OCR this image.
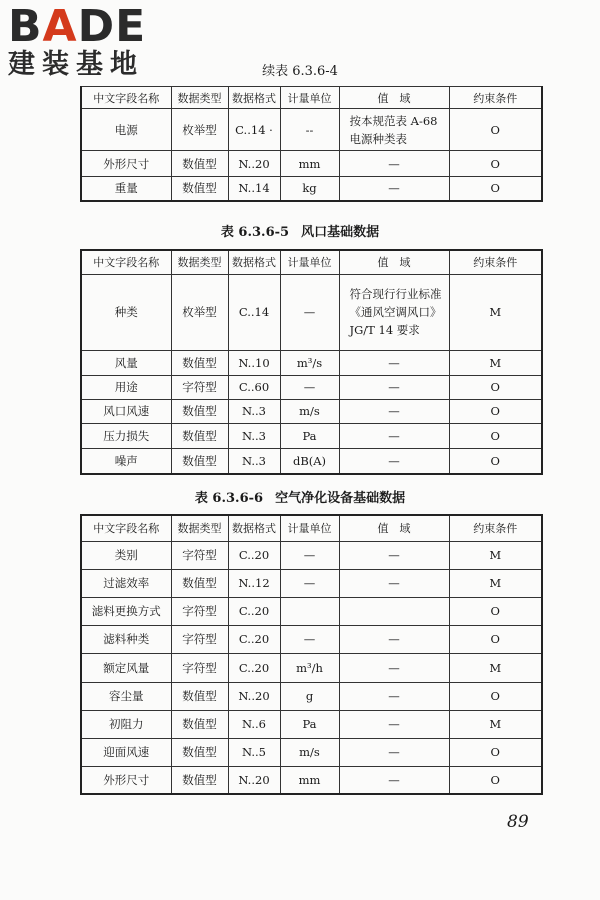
B A DE
建装基地	续表 6.3.6-4
中文字段名称	数据类型	数据格式	计量单位	值　域	约束条件
电源	枚举型	C..14 ·	--	按本规范表 A-68 电源种类表	O
外形尺寸	数值型	N..20	mm	—	O
重量	数值型	N..14	kg	—	O
表 6.3.6-5 风口基础数据
中文字段名称	数据类型	数据格式	计量单位	值　域	约束条件
种类	枚举型	C..14	—	符合现行行业标准《通风空调风口》JG/T 14 要求	M
风量	数值型	N..10	m³/s	—	M
用途	字符型	C..60	—	—	O
风口风速	数值型	N..3	m/s	—	O
压力损失	数值型	N..3	Pa	—	O
噪声	数值型	N..3	dB(A)	—	O
表 6.3.6-6 空气净化设备基础数据
中文字段名称	数据类型	数据格式	计量单位	值　域	约束条件
类别	字符型	C..20	—	—	M
过滤效率	数值型	N..12	—	—	M
滤料更换方式	字符型	C..20			O
滤料种类	字符型	C..20	—	—	O
额定风量	字符型	C..20	m³/h	—	M
容尘量	数值型	N..20	g	—	O
初阻力	数值型	N..6	Pa	—	M
迎面风速	数值型	N..5	m/s	—	O
外形尺寸	数值型	N..20	mm	—	O
89
